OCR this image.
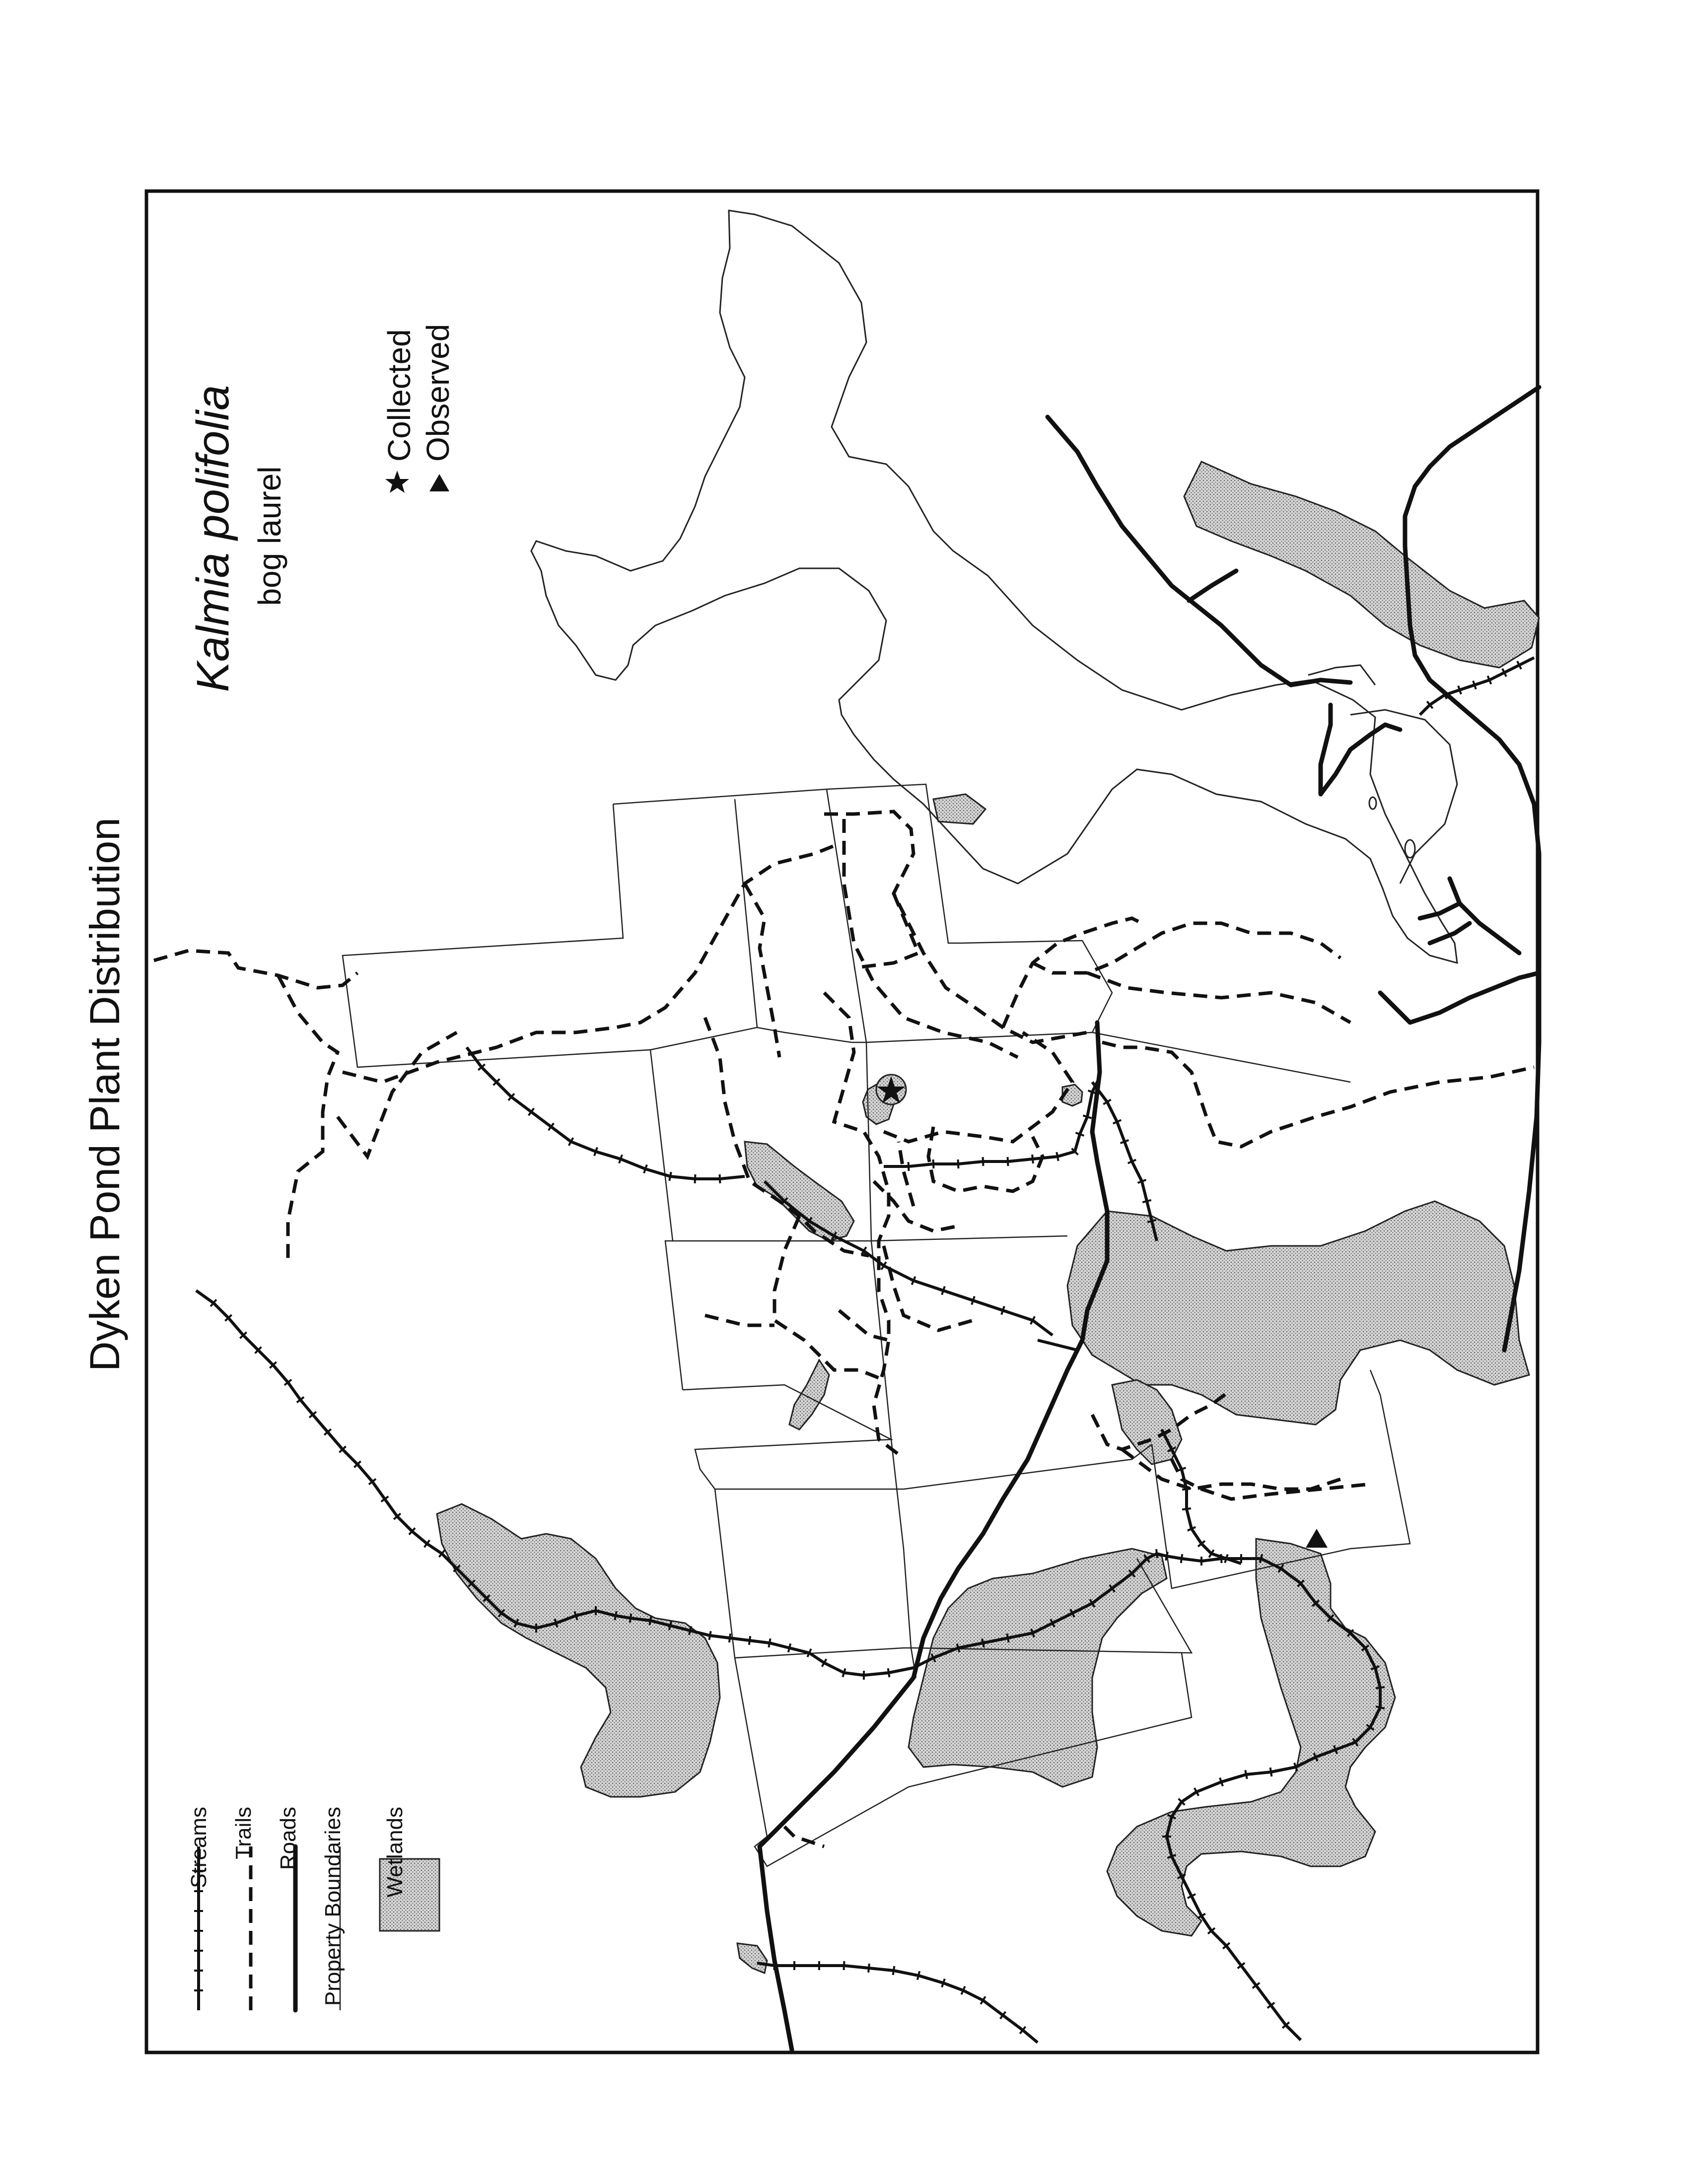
Dyken Pond Plant Distribution
Kalmia polifolia bog laurel
Collected Observed
Streams Trails Roads Property Boundaries Wetlands
